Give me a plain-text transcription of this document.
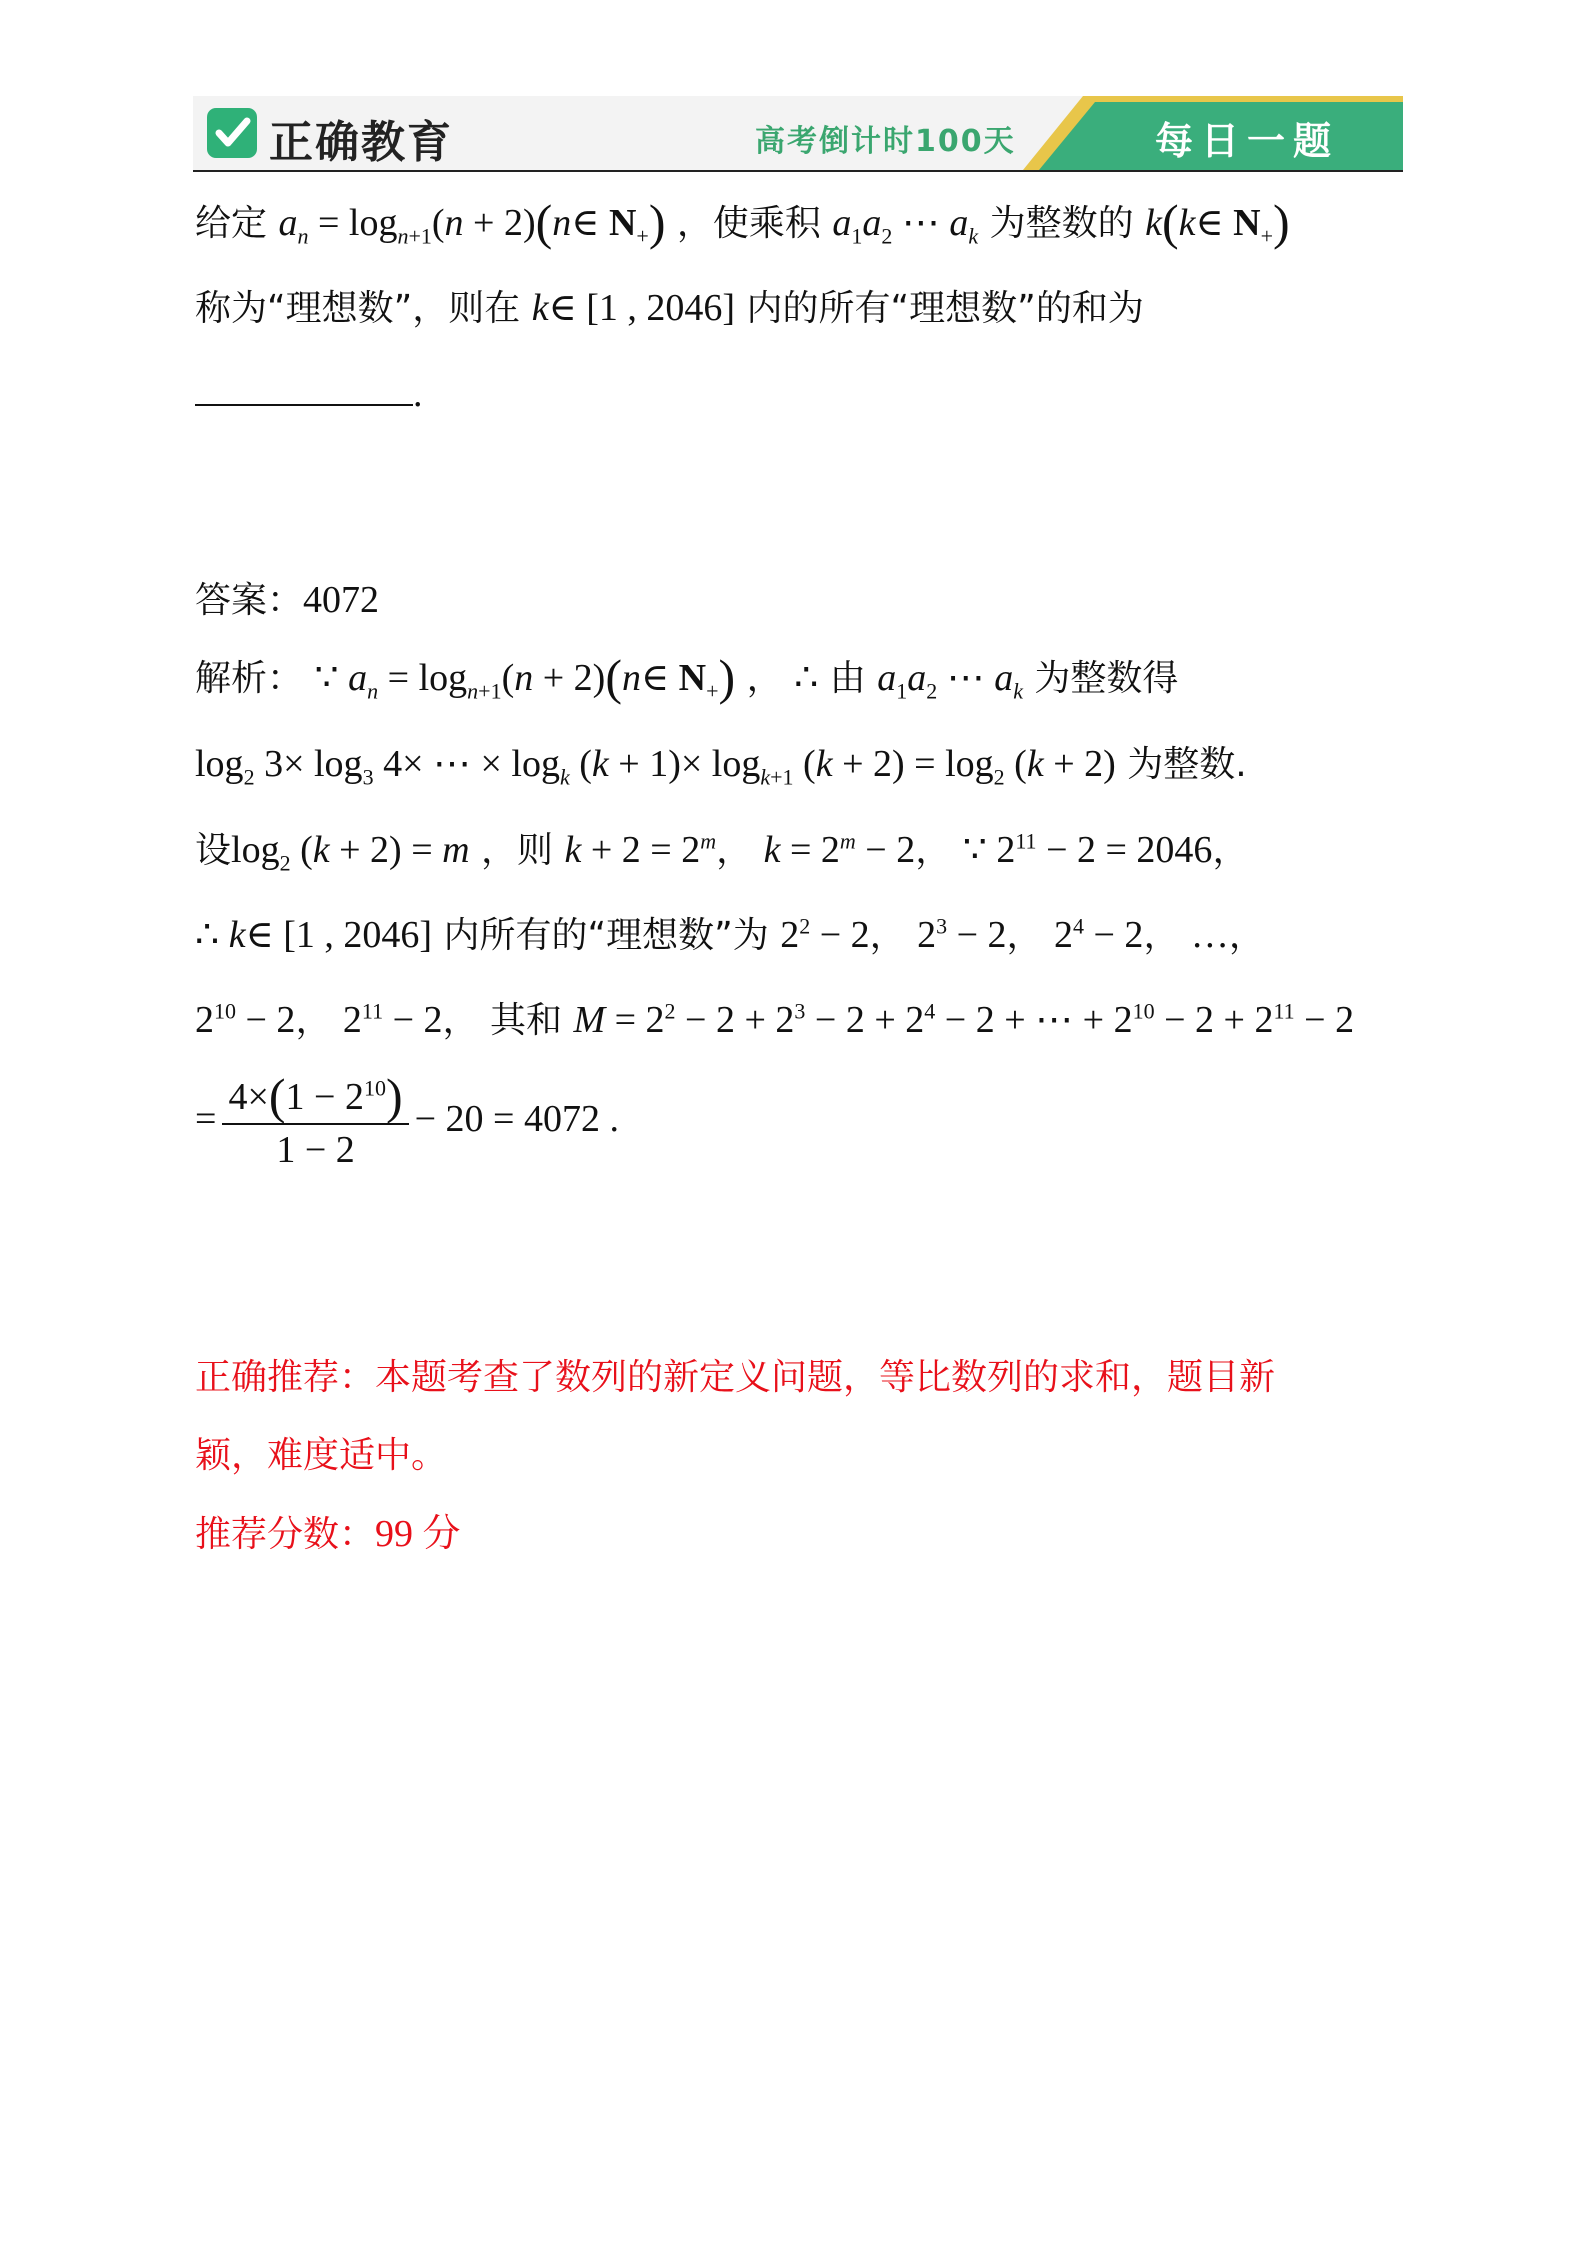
正确教育	高考倒计时100天	每日一题
给定 $a_n = \log_{n+1}(n$ + 2)(n∈ $N_+$) ，使乘积 $a_1a_2$ ⋯ $a_k$ 为整数的 k(k∈ $N_+$)
称为“理想数”，则在 k∈ [1 , 2046] 内的所有“理想数”的和为
.
答案：4072
解析： ∵ $a_n = \log_{n+1}(n$ + 2)(n∈ $N_+$) ， ∴ 由 $a_1a_2$ ⋯ $a_k$ 为整数得
$\log_2 3\times \log_3 4\times$ ⋯ × $\log_k (k + 1)\times \log_{k+1} (k + 2) = \log_2 (k + 2)$ 为整数.
设$\log_2 (k + 2) = m$ ，则 $k + 2 = 2^m$， $k = 2^m - 2$， ∵ $2^{11} - 2 = 2046$，
∴ k∈ [1 , 2046] 内所有的“理想数”为 $2^2 - 2$， $2^3 - 2$， $2^4 - 2$， …，
$2^{10} - 2$， $2^{11} - 2$， 其和 $M = 2^2 - 2 + 2^3 - 2 + 2^4 - 2$ + ⋯ + $2^{10} - 2 + 2^{11} - 2$
= $\frac{4\times(1 - 2^{10})}{1 - 2} - 20 = 4072$ .
正确推荐：本题考查了数列的新定义问题，等比数列的求和，题目新
颖，难度适中。
推荐分数：99 分
